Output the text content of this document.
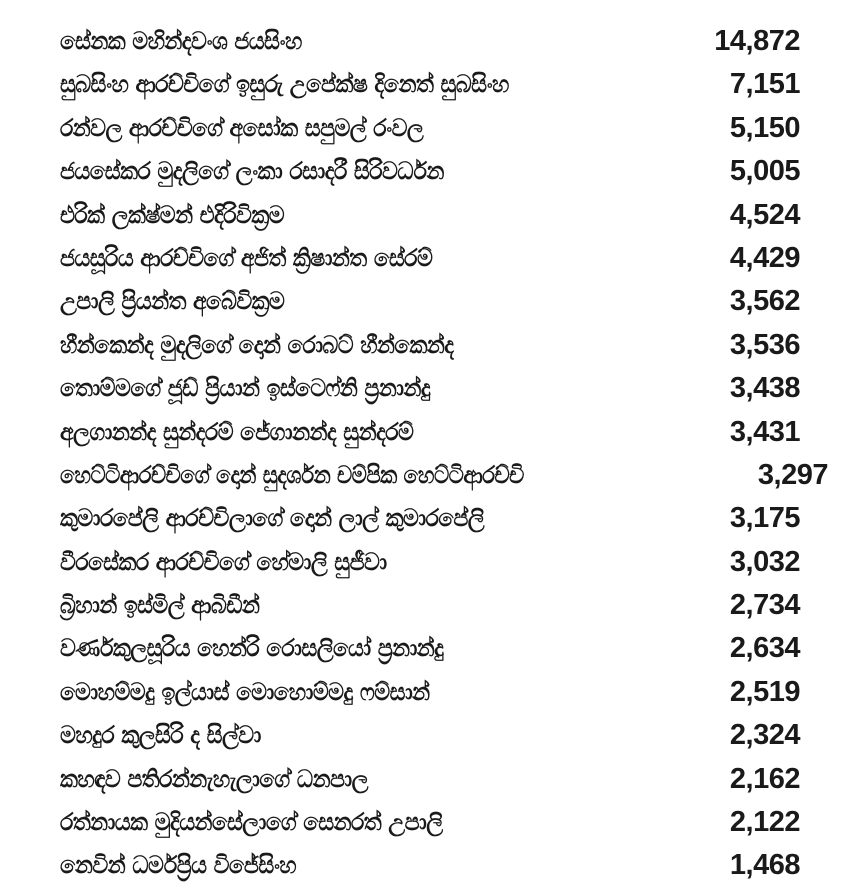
සේනක මහින්දවංශ ජයසිංහ	14,872
සුබසිංහ ආරච්චිගේ ඉසුරු උපේක්ෂ දිනෙත් සුබසිංහ	7,151
රන්වල ආරච්චිගේ අසෝක සපුමල් රංවල	5,150
ජයසේකර මුදලිගේ ලංකා රසාදරී සිරිවර්ධන	5,005
එරික් ලක්ෂ්මන් එදිරිවික්‍රම	4,524
ජයසූරිය ආරච්චිගේ අජිත් ක්‍රිෂාන්ත සේරම්	4,429
උපාලි ප්‍රියන්ත අබේවික්‍රම	3,562
හීන්කෙන්ද මුදලිගේ දොන් රොබට් හීන්කෙන්ද	3,536
තොම්මගේ ජූඩ් ප්‍රියාන් ඉස්ටෙෆ්නි ප්‍රනාන්දු	3,438
අලගානන්ද සුන්දරම් ජේගානන්ද සුන්දරම්	3,431
හෙට්ටිආරච්චිගේ දොන් සුදර්ශන චම්පික හෙට්ටිආරච්චි	3,297
කුමාරපේලි ආරච්චිලාගේ දොන් ලාල් කුමාරපේලි	3,175
වීරසේකර ආරච්චිගේ හේමාලි සුජීවා	3,032
බ්‍රිහාන් ඉස්මිල් ආබිඩීන්	2,734
වර්ණකුලසූරිය හෙන්රි රොසලියෝ ප්‍රනාන්දු	2,634
මොහම්මදු ඉල්යාස් මොහොම්මදු ෆම්සාන්	2,519
මහදුර කුලසිරි ද සිල්වා	2,324
කහඳව පතිරන්නැහැලාගේ ධනපාල	2,162
රත්නායක මුදියන්සේලාගේ සෙනරත් උපාලි	2,122
නෙවින් ධර්මප්‍රිය විජේසිංහ	1,468
